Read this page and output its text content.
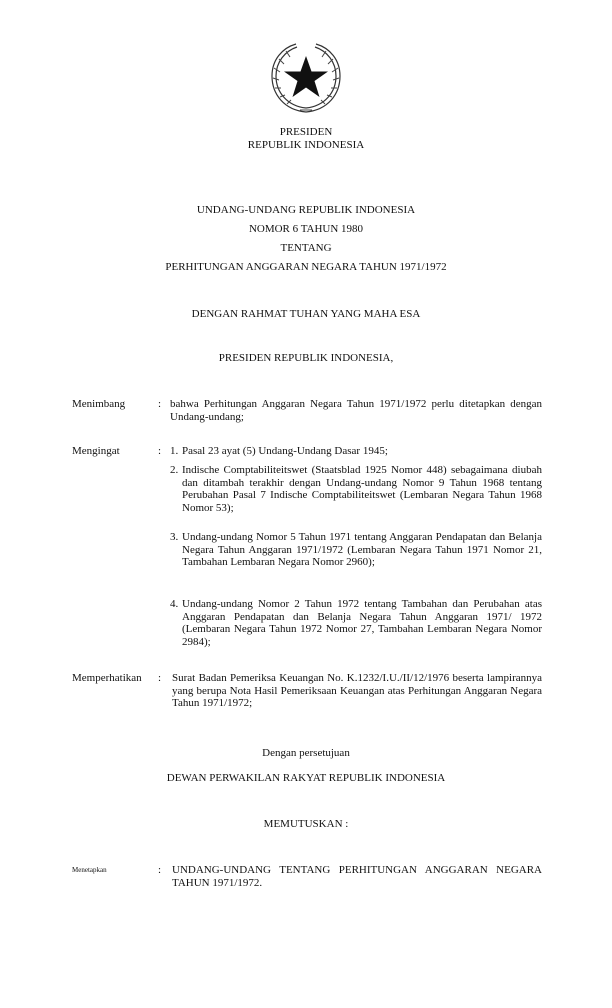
PRESIDEN
REPUBLIK INDONESIA
UNDANG-UNDANG REPUBLIK INDONESIA
NOMOR 6 TAHUN 1980
TENTANG
PERHITUNGAN ANGGARAN NEGARA TAHUN 1971/1972
DENGAN RAHMAT TUHAN YANG MAHA ESA
PRESIDEN REPUBLIK INDONESIA,
Menimbang	: bahwa Perhitungan Anggaran Negara Tahun 1971/1972 perlu ditetapkan dengan Undang-undang;
Mengingat	: 1. Pasal 23 ayat (5) Undang-Undang Dasar 1945;
2. Indische Comptabiliteitswet (Staatsblad 1925 Nomor 448) sebagaimana diubah dan ditambah terakhir dengan Undang-undang Nomor 9 Tahun 1968 tentang Perubahan Pasal 7 Indische Comptabiliteitswet (Lembaran Negara Tahun 1968 Nomor 53);
3. Undang-undang Nomor 5 Tahun 1971 tentang Anggaran Pendapatan dan Belanja Negara Tahun Anggaran 1971/1972 (Lembaran Negara Tahun 1971 Nomor 21, Tambahan Lembaran Negara Nomor 2960);
4. Undang-undang Nomor 2 Tahun 1972 tentang Tambahan dan Perubahan atas Anggaran Pendapatan dan Belanja Negara Tahun Anggaran 1971/ 1972 (Lembaran Negara Tahun 1972 Nomor 27, Tambahan Lembaran Negara Nomor 2984);
Memperhatikan : Surat Badan Pemeriksa Keuangan No. K.1232/I.U./II/12/1976 beserta lampirannya yang berupa Nota Hasil Pemeriksaan Keuangan atas Perhitungan Anggaran Negara Tahun 1971/1972;
Dengan persetujuan
DEWAN PERWAKILAN RAKYAT REPUBLIK INDONESIA
MEMUTUSKAN :
Menetapkan	: UNDANG-UNDANG TENTANG PERHITUNGAN ANGGARAN NEGARA TAHUN 1971/1972.
